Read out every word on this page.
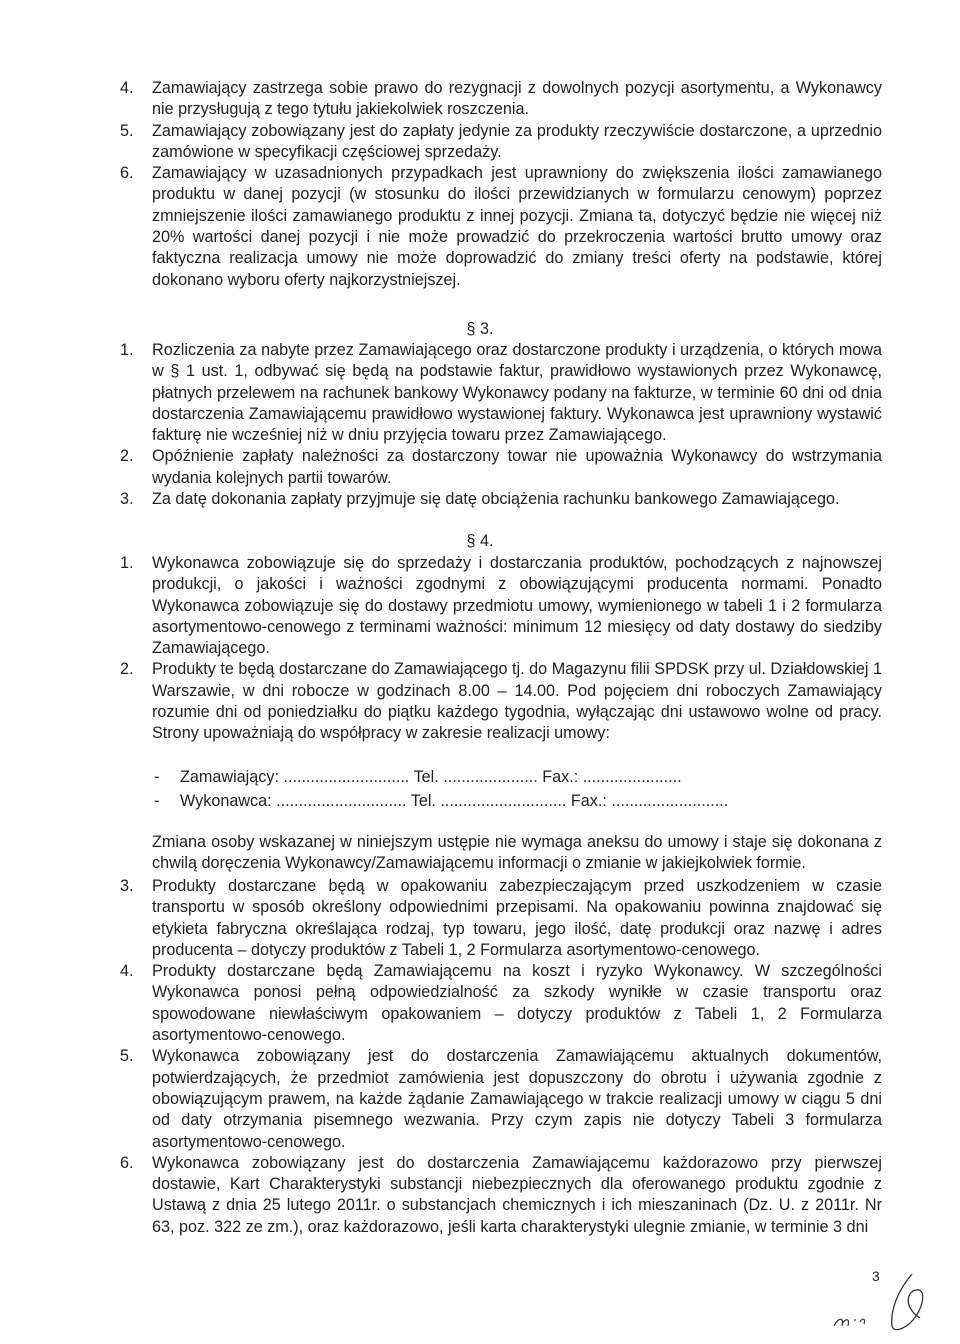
4. Zamawiający zastrzega sobie prawo do rezygnacji z dowolnych pozycji asortymentu, a Wykonawcy nie przysługują z tego tytułu jakiekolwiek roszczenia.
5. Zamawiający zobowiązany jest do zapłaty jedynie za produkty rzeczywiście dostarczone, a uprzednio zamówione w specyfikacji częściowej sprzedaży.
6. Zamawiający w uzasadnionych przypadkach jest uprawniony do zwiększenia ilości zamawianego produktu w danej pozycji (w stosunku do ilości przewidzianych w formularzu cenowym) poprzez zmniejszenie ilości zamawianego produktu z innej pozycji. Zmiana ta, dotyczyć będzie nie więcej niż 20% wartości danej pozycji i nie może prowadzić do przekroczenia wartości brutto umowy oraz faktyczna realizacja umowy nie może doprowadzić do zmiany treści oferty na podstawie, której dokonano wyboru oferty najkorzystniejszej.
§ 3.
1. Rozliczenia za nabyte przez Zamawiającego oraz dostarczone produkty i urządzenia, o których mowa w § 1 ust. 1, odbywać się będą na podstawie faktur, prawidłowo wystawionych przez Wykonawcę, płatnych przelewem na rachunek bankowy Wykonawcy podany na fakturze, w terminie 60 dni od dnia dostarczenia Zamawiającemu prawidłowo wystawionej faktury. Wykonawca jest uprawniony wystawić fakturę nie wcześniej niż w dniu przyjęcia towaru przez Zamawiającego.
2. Opóźnienie zapłaty należności za dostarczony towar nie upoważnia Wykonawcy do wstrzymania wydania kolejnych partii towarów.
3. Za datę dokonania zapłaty przyjmuje się datę obciążenia rachunku bankowego Zamawiającego.
§ 4.
1. Wykonawca zobowiązuje się do sprzedaży i dostarczania produktów, pochodzących z najnowszej produkcji, o jakości i ważności zgodnymi z obowiązującymi producenta normami. Ponadto Wykonawca zobowiązuje się do dostawy przedmiotu umowy, wymienionego w tabeli 1 i 2 formularza asortymentowo-cenowego z terminami ważności: minimum 12 miesięcy od daty dostawy do siedziby Zamawiającego.
2. Produkty te będą dostarczane do Zamawiającego tj. do Magazynu filii SPDSK przy ul. Działdowskiej 1 Warszawie, w dni robocze w godzinach 8.00 – 14.00. Pod pojęciem dni roboczych Zamawiający rozumie dni od poniedziałku do piątku każdego tygodnia, wyłączając dni ustawowo wolne od pracy. Strony upoważniają do współpracy w zakresie realizacji umowy:
- Zamawiający: ............................ Tel. ..................... Fax.: ......................
- Wykonawca: ............................. Tel. ............................ Fax.: ..........................
Zmiana osoby wskazanej w niniejszym ustępie nie wymaga aneksu do umowy i staje się dokonana z chwilą doręczenia Wykonawcy/Zamawiającemu informacji o zmianie w jakiejkolwiek formie.
3. Produkty dostarczane będą w opakowaniu zabezpieczającym przed uszkodzeniem w czasie transportu w sposób określony odpowiednimi przepisami. Na opakowaniu powinna znajdować się etykieta fabryczna określająca rodzaj, typ towaru, jego ilość, datę produkcji oraz nazwę i adres producenta – dotyczy produktów z Tabeli 1, 2 Formularza asortymentowo-cenowego.
4. Produkty dostarczane będą Zamawiającemu na koszt i ryzyko Wykonawcy. W szczególności Wykonawca ponosi pełną odpowiedzialność za szkody wynikłe w czasie transportu oraz spowodowane niewłaściwym opakowaniem – dotyczy produktów z Tabeli 1, 2 Formularza asortymentowo-cenowego.
5. Wykonawca zobowiązany jest do dostarczenia Zamawiającemu aktualnych dokumentów, potwierdzających, że przedmiot zamówienia jest dopuszczony do obrotu i używania zgodnie z obowiązującym prawem, na każde żądanie Zamawiającego w trakcie realizacji umowy w ciągu 5 dni od daty otrzymania pisemnego wezwania. Przy czym zapis nie dotyczy Tabeli 3 formularza asortymentowo-cenowego.
6. Wykonawca zobowiązany jest do dostarczenia Zamawiającemu każdorazowo przy pierwszej dostawie, Kart Charakterystyki substancji niebezpiecznych dla oferowanego produktu zgodnie z Ustawą z dnia 25 lutego 2011r. o substancjach chemicznych i ich mieszaninach (Dz. U. z 2011r. Nr 63, poz. 322 ze zm.), oraz każdorazowo, jeśli karta charakterystyki ulegnie zmianie, w terminie 3 dni
3
